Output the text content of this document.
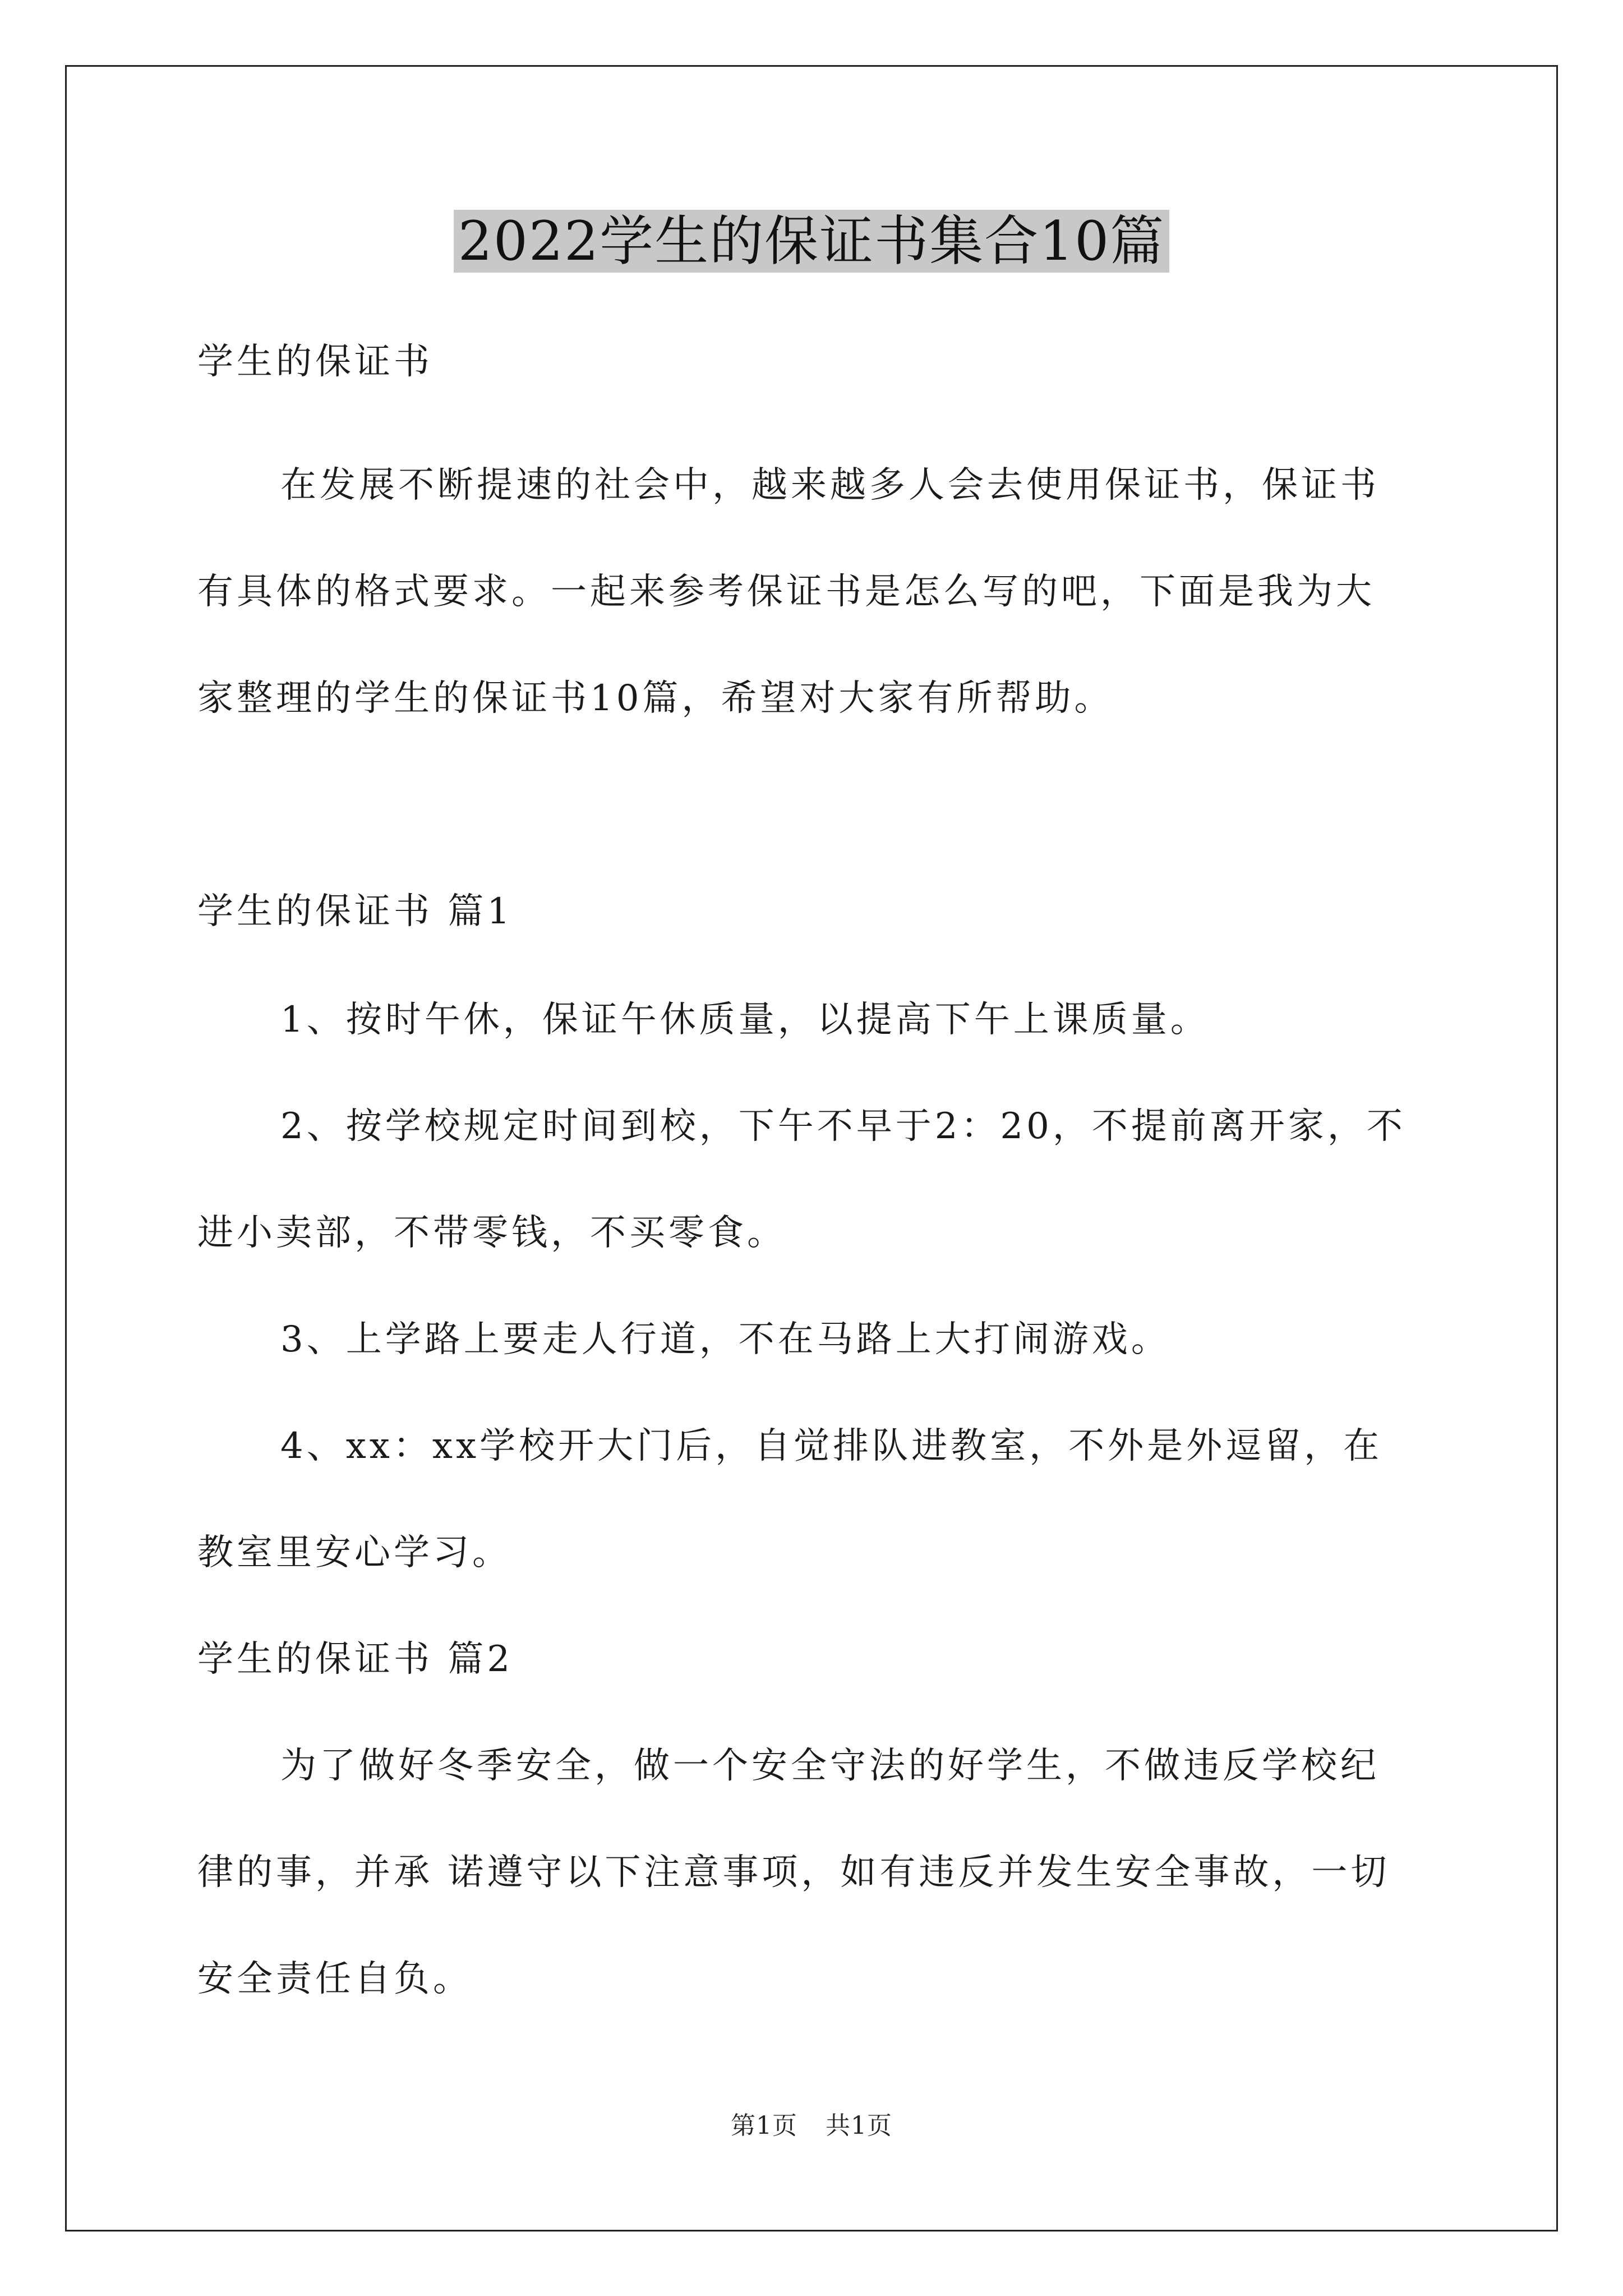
2022学生的保证书集合10篇
学生的保证书
在发展不断提速的社会中，越来越多人会去使用保证书，保证书
有具体的格式要求。一起来参考保证书是怎么写的吧，下面是我为大
家整理的学生的保证书10篇，希望对大家有所帮助。
学生的保证书 篇1
1、按时午休，保证午休质量，以提高下午上课质量。
2、按学校规定时间到校，下午不早于2：20，不提前离开家，不
进小卖部，不带零钱，不买零食。
3、上学路上要走人行道，不在马路上大打闹游戏。
4、xx：xx学校开大门后，自觉排队进教室，不外是外逗留，在
教室里安心学习。
学生的保证书 篇2
为了做好冬季安全，做一个安全守法的好学生，不做违反学校纪
律的事，并承 诺遵守以下注意事项，如有违反并发生安全事故，一切
安全责任自负。
第1页 共1页
